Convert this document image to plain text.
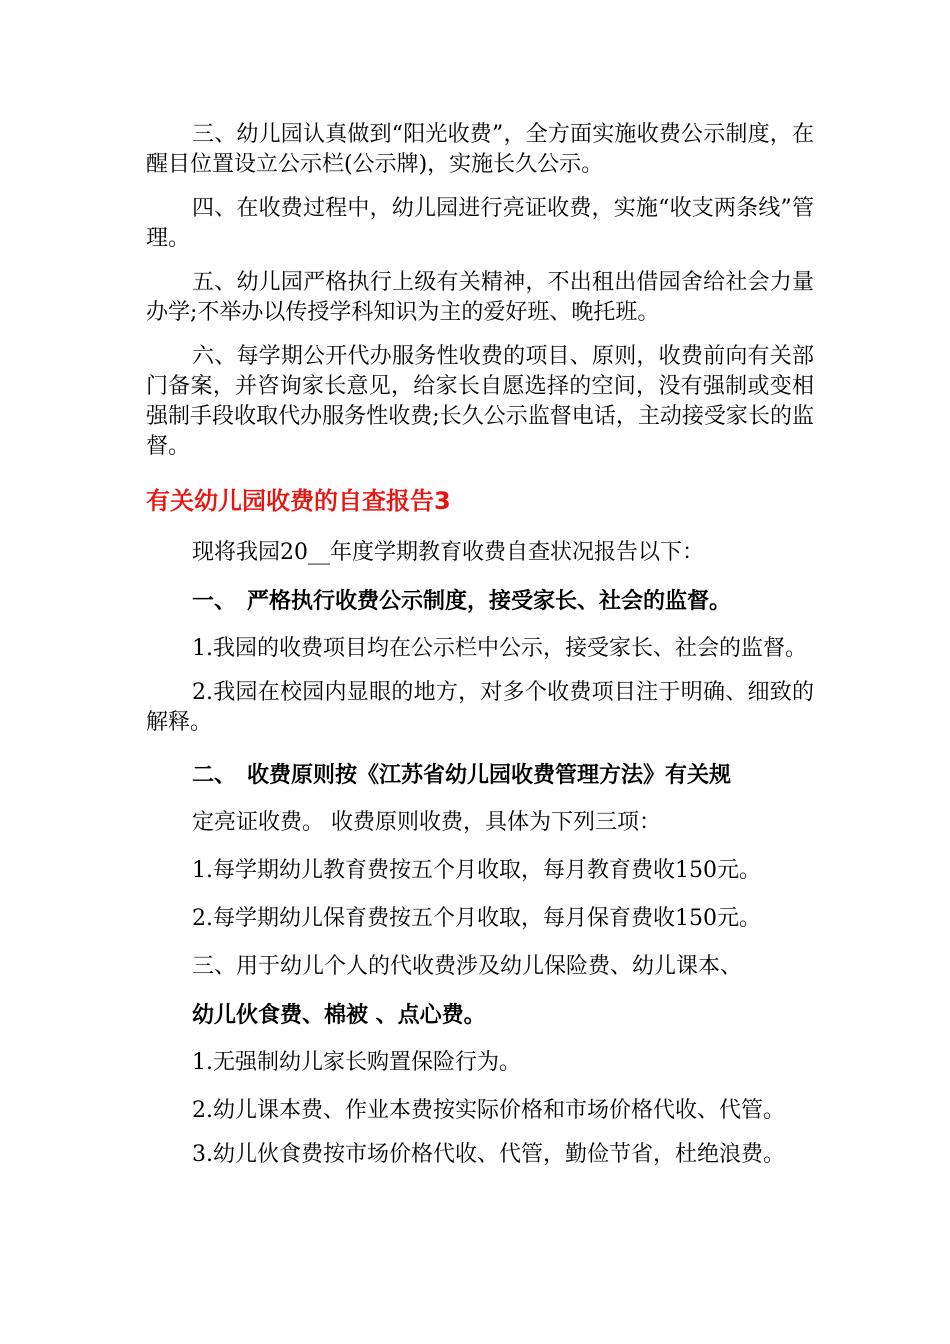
三、幼儿园认真做到“阳光收费”，全方面实施收费公示制度，在醒目位置设立公示栏(公示牌)，实施长久公示。

四、在收费过程中，幼儿园进行亮证收费，实施“收支两条线”管理。

五、幼儿园严格执行上级有关精神，不出租出借园舍给社会力量办学;不举办以传授学科知识为主的爱好班、晚托班。

六、每学期公开代办服务性收费的项目、原则，收费前向有关部门备案，并咨询家长意见，给家长自愿选择的空间，没有强制或变相强制手段收取代办服务性收费;长久公示监督电话，主动接受家长的监督。

有关幼儿园收费的自查报告3

现将我园20__年度学期教育收费自查状况报告以下：

一、　严格执行收费公示制度，接受家长、社会的监督。

1.我园的收费项目均在公示栏中公示，接受家长、社会的监督。

2.我园在校园内显眼的地方，对多个收费项目注于明确、细致的解释。

二、　收费原则按《江苏省幼儿园收费管理方法》有关规

定亮证收费。 收费原则收费，具体为下列三项：

1.每学期幼儿教育费按五个月收取，每月教育费收150元。

2.每学期幼儿保育费按五个月收取，每月保育费收150元。

三、用于幼儿个人的代收费涉及幼儿保险费、幼儿课本、

幼儿伙食费、棉被 、点心费。

1.无强制幼儿家长购置保险行为。

2.幼儿课本费、作业本费按实际价格和市场价格代收、代管。

3.幼儿伙食费按市场价格代收、代管，勤俭节省，杜绝浪费。
